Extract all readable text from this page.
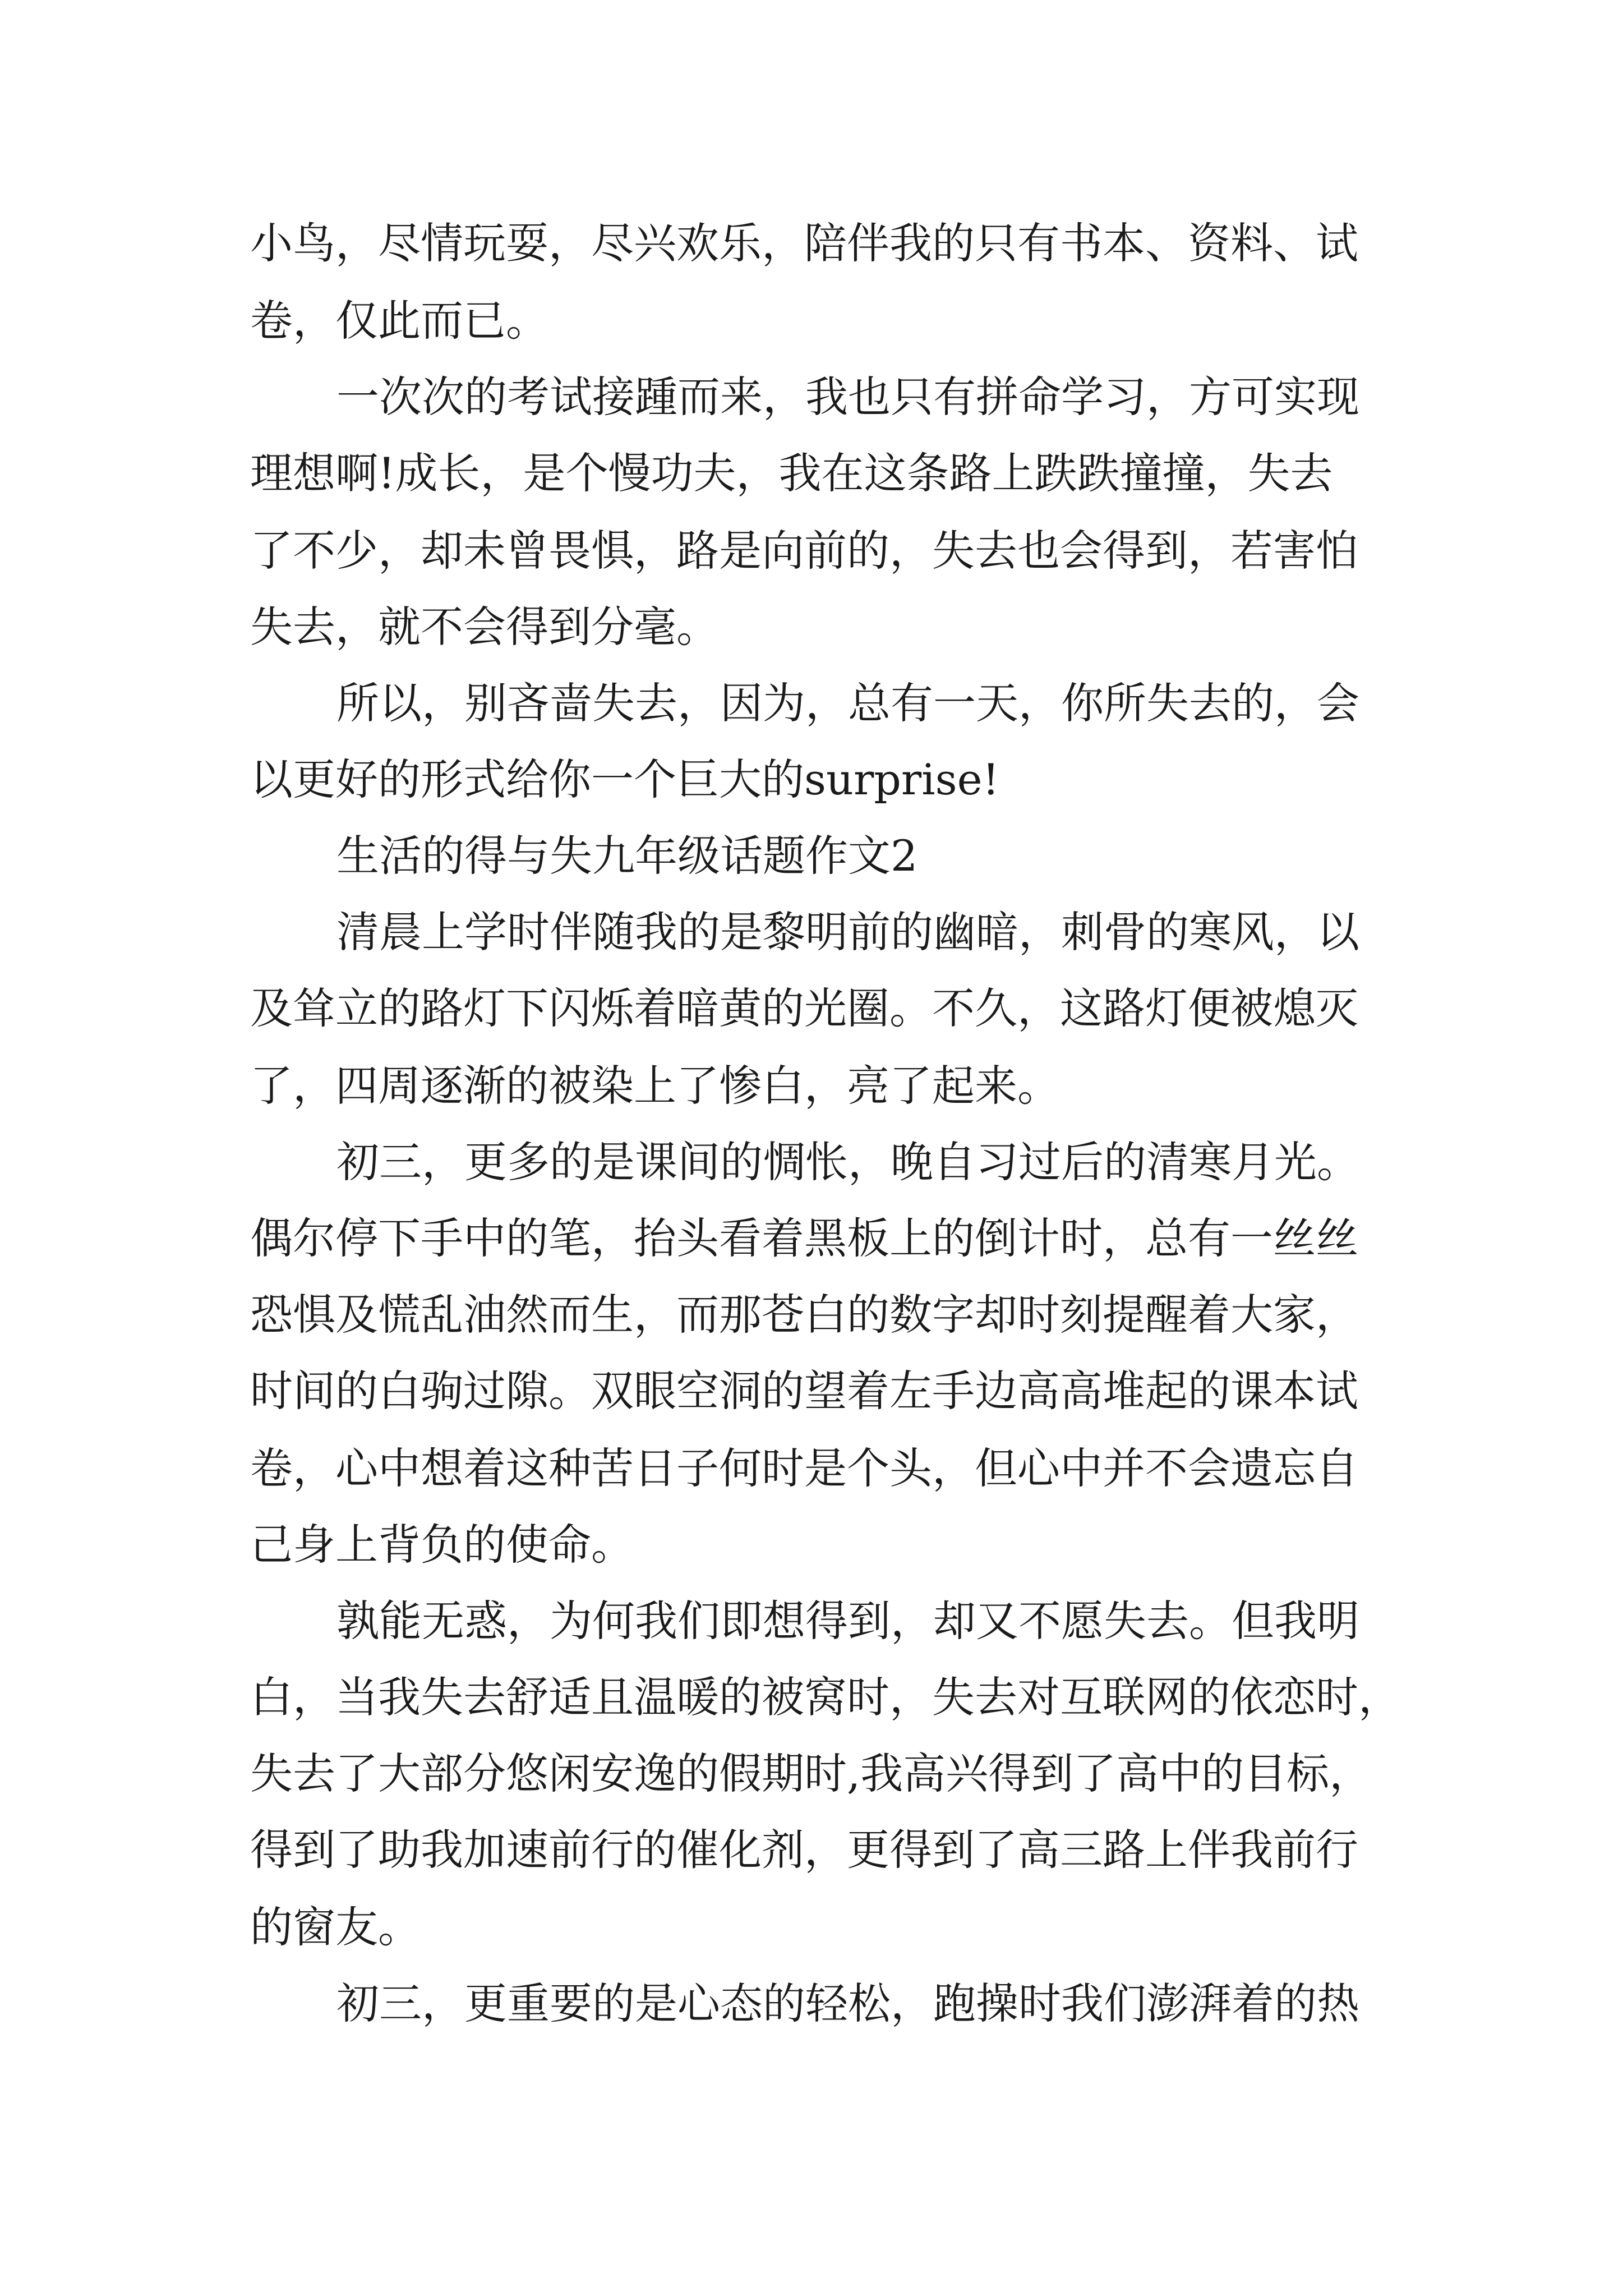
小鸟，尽情玩耍，尽兴欢乐，陪伴我的只有书本、资料、试

卷，仅此而已。

一次次的考试接踵而来，我也只有拼命学习，方可实现

理想啊!成长，是个慢功夫，我在这条路上跌跌撞撞，失去

了不少，却未曾畏惧，路是向前的，失去也会得到，若害怕

失去，就不会得到分毫。

所以，别吝啬失去，因为，总有一天，你所失去的，会

以更好的形式给你一个巨大的surprise!

生活的得与失九年级话题作文2

清晨上学时伴随我的是黎明前的幽暗，刺骨的寒风，以

及耸立的路灯下闪烁着暗黄的光圈。不久，这路灯便被熄灭

了，四周逐渐的被染上了惨白，亮了起来。

初三，更多的是课间的惆怅，晚自习过后的清寒月光。

偶尔停下手中的笔，抬头看着黑板上的倒计时，总有一丝丝

恐惧及慌乱油然而生，而那苍白的数字却时刻提醒着大家，

时间的白驹过隙。双眼空洞的望着左手边高高堆起的课本试

卷，心中想着这种苦日子何时是个头，但心中并不会遗忘自

己身上背负的使命。

孰能无惑，为何我们即想得到，却又不愿失去。但我明

白，当我失去舒适且温暖的被窝时，失去对互联网的依恋时，

失去了大部分悠闲安逸的假期时,我高兴得到了高中的目标，

得到了助我加速前行的催化剂，更得到了高三路上伴我前行

的窗友。

初三，更重要的是心态的轻松，跑操时我们澎湃着的热
